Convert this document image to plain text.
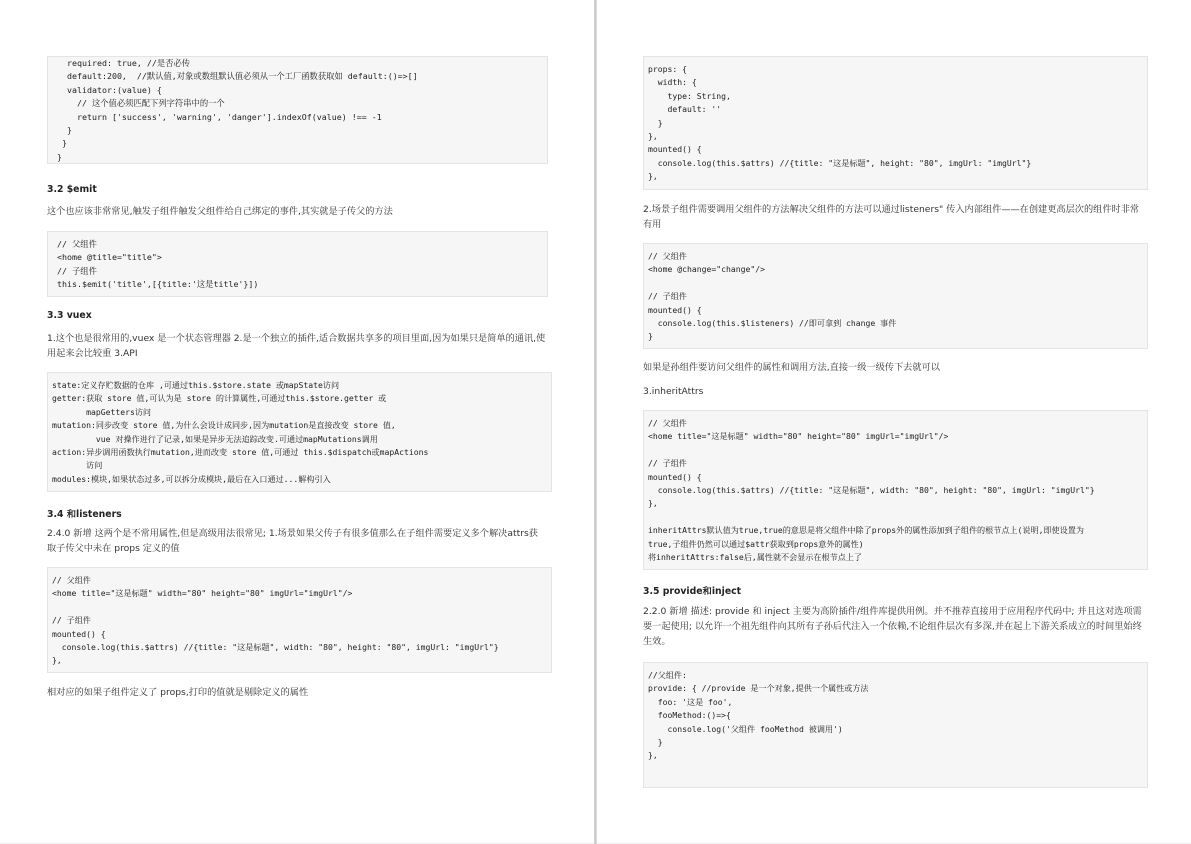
required: true, //是否必传
default:200,  //默认值,对象或数组默认值必须从一个工厂函数获取如 default:()=>[]
validator:(value) {
// 这个值必须匹配下列字符串中的一个
return ['success', 'warning', 'danger'].indexOf(value) !== -1
}
}
}
3.2 $emit

这个也应该非常常见,触发子组件触发父组件给自己绑定的事件,其实就是子传父的方法

// 父组件
<home @title="title">
// 子组件
this.$emit('title',[{title:'这是title'}])
3.3 vuex

1.这个也是很常用的,vuex 是一个状态管理器 2.是一个独立的插件,适合数据共享多的项目里面,因为如果只是简单的通讯,使用起来会比较重 3.API

state:定义存贮数据的仓库 ,可通过this.$store.state 或mapState访问
getter:获取 store 值,可认为是 store 的计算属性,可通过this.$store.getter 或
mapGetters访问
mutation:同步改变 store 值,为什么会设计成同步,因为mutation是直接改变 store 值,
vue 对操作进行了记录,如果是异步无法追踪改变.可通过mapMutations调用
action:异步调用函数执行mutation,进而改变 store 值,可通过 this.$dispatch或mapActions
访问
modules:模块,如果状态过多,可以拆分成模块,最后在入口通过...解构引入
3.4 和listeners

2.4.0 新增 这两个是不常用属性,但是高级用法很常见; 1.场景如果父传子有很多值那么在子组件需要定义多个解决attrs获取子传父中未在 props 定义的值

// 父组件
<home title="这是标题" width="80" height="80" imgUrl="imgUrl"/>

// 子组件
mounted() {
console.log(this.$attrs) //{title: "这是标题", width: "80", height: "80", imgUrl: "imgUrl"}
},

相对应的如果子组件定义了 props,打印的值就是剔除定义的属性

props: {
width: {
type: String,
default: ''
}
},
mounted() {
console.log(this.$attrs) //{title: "这是标题", height: "80", imgUrl: "imgUrl"}
},

2.场景子组件需要调用父组件的方法解决父组件的方法可以通过listeners" 传入内部组件——在创建更高层次的组件时非常有用

// 父组件
<home @change="change"/>

// 子组件
mounted() {
console.log(this.$listeners) //即可拿到 change 事件
}

如果是孙组件要访问父组件的属性和调用方法,直接一级一级传下去就可以

3.inheritAttrs

// 父组件
<home title="这是标题" width="80" height="80" imgUrl="imgUrl"/>

// 子组件
mounted() {
console.log(this.$attrs) //{title: "这是标题", width: "80", height: "80", imgUrl: "imgUrl"}
},

inheritAttrs默认值为true,true的意思是将父组件中除了props外的属性添加到子组件的根节点上(说明,即使设置为
true,子组件仍然可以通过$attr获取到props意外的属性)
将inheritAttrs:false后,属性就不会显示在根节点上了
3.5 provide和inject

2.2.0 新增 描述: provide 和 inject 主要为高阶插件/组件库提供用例。并不推荐直接用于应用程序代码中; 并且这对选项需要一起使用; 以允许一个祖先组件向其所有子孙后代注入一个依赖,不论组件层次有多深,并在起上下游关系成立的时间里始终生效。

//父组件:
provide: { //provide 是一个对象,提供一个属性或方法
foo: '这是 foo',
fooMethod:()=>{
console.log('父组件 fooMethod 被调用')
}
},
